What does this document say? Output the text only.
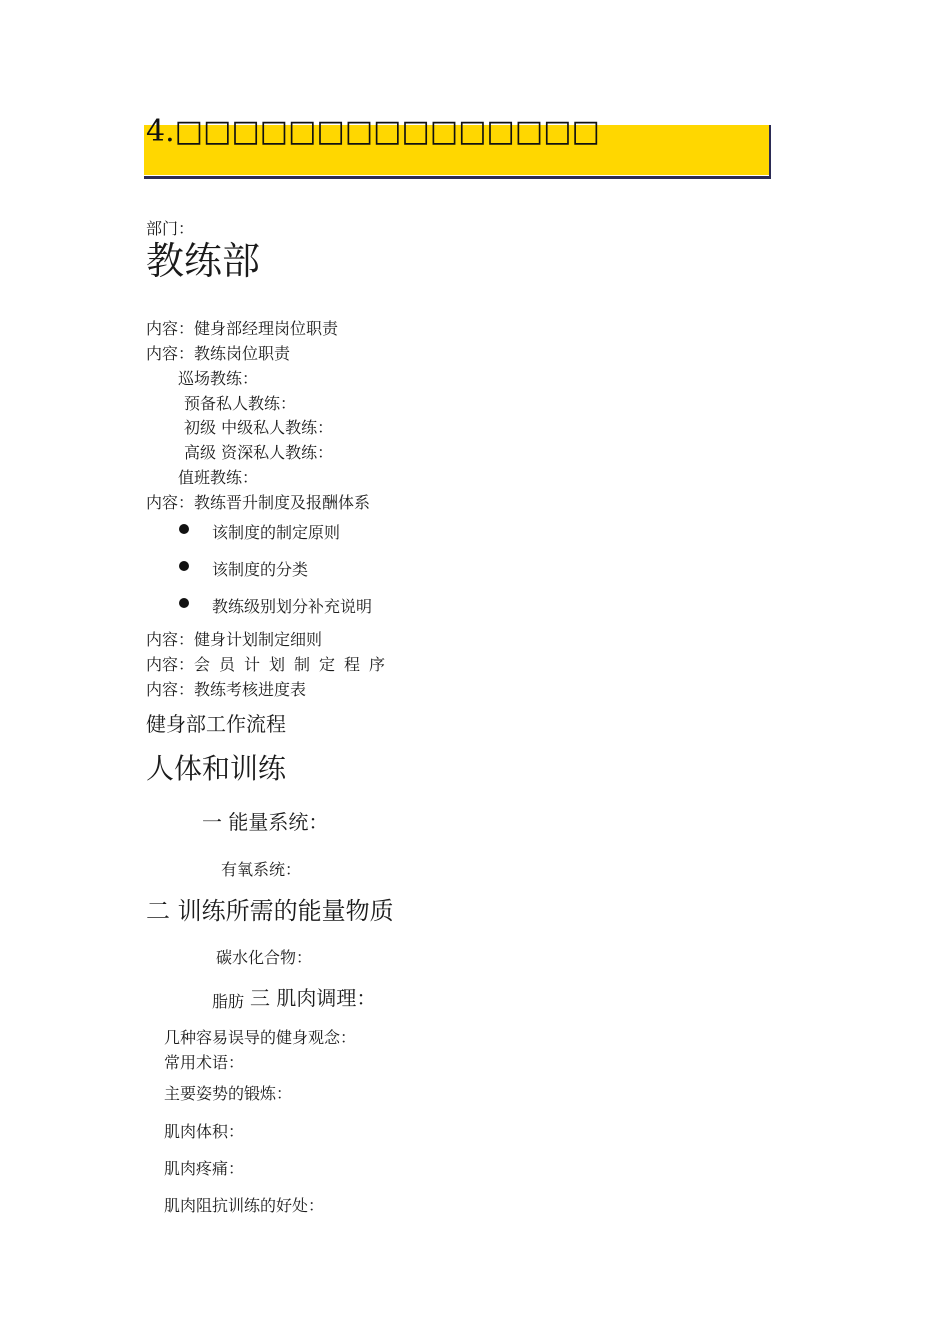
4.□□□□□□□□□□□□□□□
部门：
教练部
内容：健身部经理岗位职责
内容：教练岗位职责
巡场教练：
预备私人教练：
初级 中级私人教练：
高级 资深私人教练：
值班教练：
内容：教练晋升制度及报酬体系
该制度的制定原则
该制度的分类
教练级别划分补充说明
内容：健身计划制定细则
内容：会员计划制定程序
内容：教练考核进度表
健身部工作流程
人体和训练
一 能量系统：
有氧系统：
二 训练所需的能量物质
碳水化合物：
脂肪 三 肌肉调理：
几种容易误导的健身观念：
常用术语：
主要姿势的锻炼：
肌肉体积：
肌肉疼痛：
肌肉阻抗训练的好处：
